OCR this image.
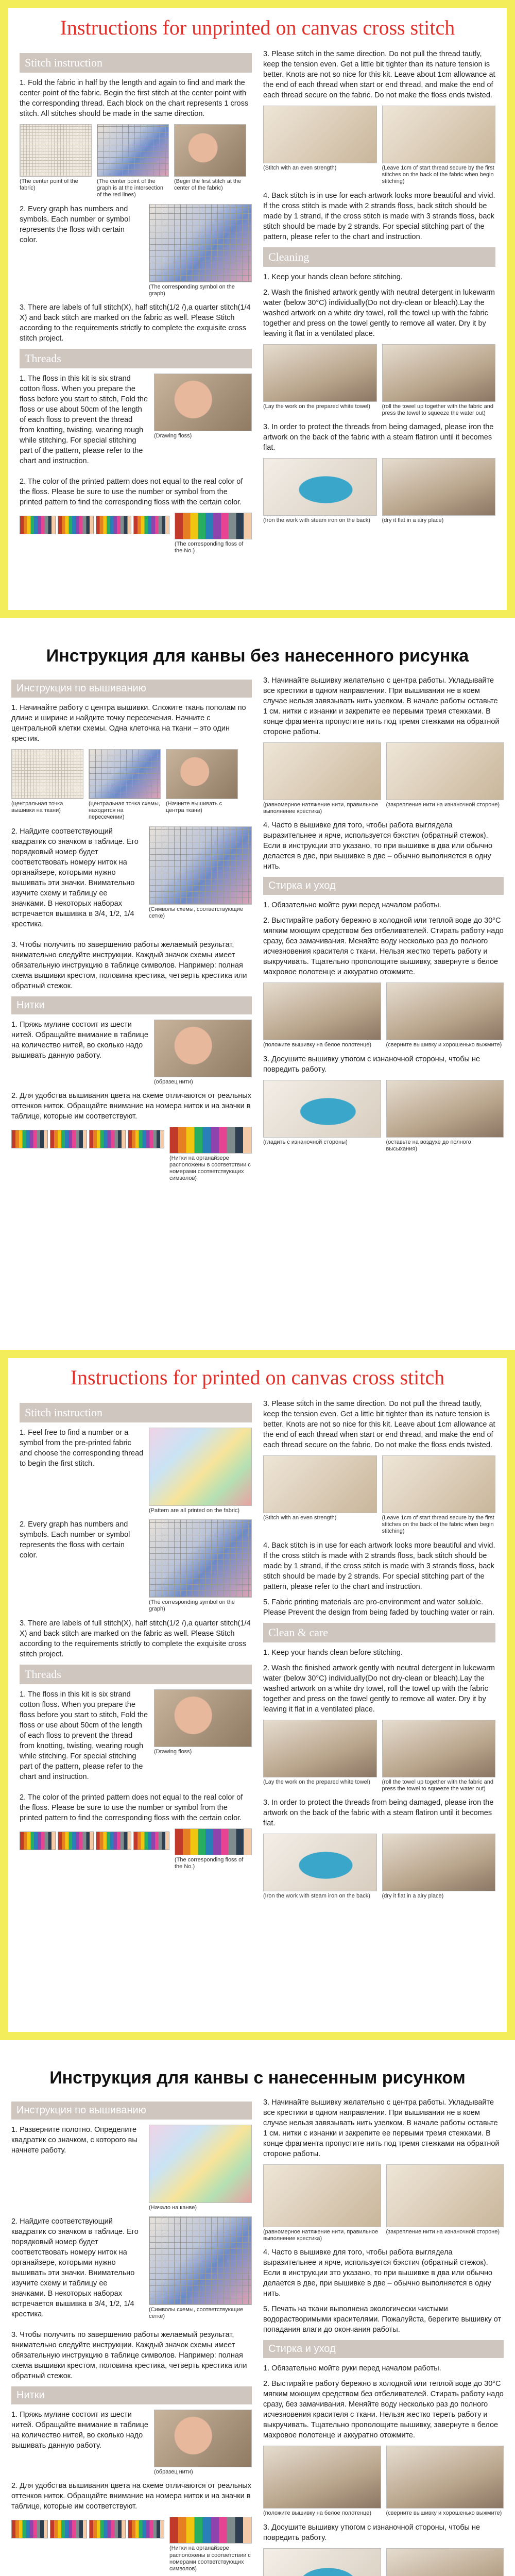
Instructions for unprinted on canvas cross stitch
Stitch instruction

1. Fold the fabric in half by the length and again to find and mark the center point of the fabric. Begin the first stitch at the center point with the corresponding thread. Each block on the chart represents 1 cross stitch. All stitches should be made in the same direction.

(The center point of the fabric)
(The center point of the graph is at the intersection of the red lines)
(Begin the first stitch at the center of the fabric)

2. Every graph has numbers and symbols. Each number or symbol represents the floss with certain color.

(The corresponding symbol on the graph)

3. There are labels of full stitch(X), half stitch(1/2 /),a quarter stitch(1/4 X) and back stitch are marked on the fabric as well. Please Stitch according to the requirements strictly to complete the exquisite cross stitch project.

Threads

1. The floss in this kit is six strand cotton floss. When you prepare the floss before you start to stitch, Fold the floss or use about 50cm of the length of each floss to prevent the thread from knotting, twisting, wearing rough while stitching. For special stitching part of the pattern, please refer to the chart and instruction.

(Drawing floss)

2. The color of the printed pattern does not equal to the real color of the floss. Please be sure to use the number or symbol from the printed pattern to find the corresponding floss with the certain color.

(The corresponding floss of the No.)

3. Please stitch in the same direction. Do not pull the thread tautly, keep the tension even. Get a little bit tighter than its nature tension is better. Knots are not so nice for this kit. Leave about 1cm allowance at the end of each thread when start or end thread, and make the end of each thread secure on the fabric. Do not make the floss ends twisted.

(Stitch with an even strength)	(Leave 1cm of start thread secure by the first stitches on the back of the fabric when begin stitching)

4. Back stitch is in use for each artwork looks more beautiful and vivid. If the cross stitch is made with 2 strands floss, back stitch should be made by 1 strand, if the cross stitch is made with 3 strands floss, back stitch should be made by 2 strands. For special stitching part of the pattern, please refer to the chart and instruction.

Cleaning

1. Keep your hands clean before stitching.

2. Wash the finished artwork gently with neutral detergent in lukewarm water (below 30°C) individually(Do not dry-clean or bleach).Lay the washed artwork on a white dry towel, roll the towel up with the fabric together and press on the towel gently to remove all water. Dry it by leaving it flat in a ventilated place.

(Lay the work on the prepared white towel)	(roll the towel up together with the fabric and press the towel to squeeze the water out)

3. In order to protect the threads from being damaged, please iron the artwork on the back of the fabric with a steam flatiron until it becomes flat.

(Iron the work with steam iron on the back)	(dry it flat in a airy place)
Инструкция для канвы без нанесенного рисунка
Инструкция по вышиванию

1. Начинайте работу с центра вышивки. Сложите ткань пополам по длине и ширине и найдите точку пересечения. Начните с центральной клетки схемы. Одна клеточка на ткани – это один крестик.

(центральная точка вышивки на ткани)
(центральная точка схемы, находится на пересечении)
(Начните вышивать с центра ткани)

2. Найдите соответствующий квадратик со значком в таблице. Его порядковый номер будет соответствовать номеру ниток на органайзере, которыми нужно вышивать эти значки. Внимательно изучите схему и таблицу ее значками. В некоторых наборах встречается вышивка в 3/4, 1/2, 1/4 крестика.

(Символы схемы, соответствующие сетке)

3. Чтобы получить по завершению работы желаемый результат, внимательно следуйте инструкции. Каждый значок схемы имеет обязательную инструкцию в таблице символов. Например: полная схема вышивки крестом, половина крестика, четверть крестика или обратный стежок.

Нитки

1. Пряжь мулине состоит из шести нитей. Обращайте внимание в таблице на количество нитей, во сколько надо вышивать данную работу.

(образец нити)

2. Для удобства вышивания цвета на схеме отличаются от реальных оттенков ниток. Обращайте внимание на номера ниток и на значки в таблице, которые им соответствуют.

(Нитки на органайзере расположены в соответствии с номерами соответствующих символов)

3. Начинайте вышивку желательно с центра работы. Укладывайте все крестики в одном направлении. При вышивании не в коем случае нельзя завязывать нить узелком. В начале работы оставьте 1 см. нитки с изнанки и закрепите ее первыми тремя стежками. В конце фрагмента пропустите нить под тремя стежками на обратной стороне работы.

(равномерное натяжение нити, правильное выполнение крестика)
(закрепление нити на изнаночной стороне)

4. Часто в вышивке для того, чтобы работа выглядела выразительнее и ярче, используется бэкстич (обратный стежок). Если в инструкции это указано, то при вышивке в два или обычно делается в две, при вышивке в две – обычно выполняется в одну нить.

Стирка и уход

1. Обязательно мойте руки перед началом работы.

2. Выстирайте работу бережно в холодной или теплой воде до 30°С мягким моющим средством без отбеливателей. Стирать работу надо сразу, без замачивания. Меняйте воду несколько раз до полного исчезновения красителя с ткани. Нельзя жестко тереть работу и выкручивать. Тщательно прополощите вышивку, завернуте в белое махровое полотенце и аккуратно отожмите.

(положите вышивку на белое полотенце)	(сверните вышивку и хорошенько выжмите)

3. Досушите вышивку утюгом с изнаночной стороны, чтобы не повредить работу.

(гладить с изнаночной стороны)	(оставьте на воздухе до полного высыхания)
Instructions for printed on canvas cross stitch
Stitch instruction

1. Feel free to find a number or a symbol from the pre-printed fabric and choose the corresponding thread to begin the first stitch.

(Pattern are all printed on the fabric)

2. Every graph has numbers and symbols. Each number or symbol represents the floss with certain color.

(The corresponding symbol on the graph)

3. There are labels of full stitch(X), half stitch(1/2 /),a quarter stitch(1/4 X) and back stitch are marked on the fabric as well. Please Stitch according to the requirements strictly to complete the exquisite cross stitch project.

Threads

1. The floss in this kit is six strand cotton floss. When you prepare the floss before you start to stitch, Fold the floss or use about 50cm of the length of each floss to prevent the thread from knotting, twisting, wearing rough while stitching. For special stitching part of the pattern, please refer to the chart and instruction.

(Drawing floss)

2. The color of the printed pattern does not equal to the real color of the floss. Please be sure to use the number or symbol from the printed pattern to find the corresponding floss with the certain color.

(The corresponding floss of the No.)

3. Please stitch in the same direction. Do not pull the thread tautly, keep the tension even. Get a little bit tighter than its nature tension is better. Knots are not so nice for this kit. Leave about 1cm allowance at the end of each thread when start or end thread, and make the end of each thread secure on the fabric. Do not make the floss ends twisted.

(Stitch with an even strength)	(Leave 1cm of start thread secure by the first stitches on the back of the fabric when begin stitching)

4. Back stitch is in use for each artwork looks more beautiful and vivid. If the cross stitch is made with 2 strands floss, back stitch should be made by 1 strand, if the cross stitch is made with 3 strands floss, back stitch should be made by 2 strands. For special stitching part of the pattern, please refer to the chart and instruction.

5. Fabric printing materials are pro-environment and water soluble. Please Prevent the design from being faded by touching water or rain.

Clean & care

1. Keep your hands clean before stitching.

2. Wash the finished artwork gently with neutral detergent in lukewarm water (below 30°C) individually(Do not dry-clean or bleach).Lay the washed artwork on a white dry towel, roll the towel up with the fabric together and press on the towel gently to remove all water. Dry it by leaving it flat in a ventilated place.

(Lay the work on the prepared white towel)	(roll the towel up together with the fabric and press the towel to squeeze the water out)

3. In order to protect the threads from being damaged, please iron the artwork on the back of the fabric with a steam flatiron until it becomes flat.

(Iron the work with steam iron on the back)	(dry it flat in a airy place)
Инструкция для канвы с нанесенным рисунком
Инструкция по вышиванию

1. Разверните полотно. Определите квадратик со значком, с которого вы начнете работу.

(Начало на канве)

2. Найдите соответствующий квадратик со значком в таблице. Его порядковый номер будет соответствовать номеру ниток на органайзере, которыми нужно вышивать эти значки. Внимательно изучите схему и таблицу ее значками. В некоторых наборах встречается вышивка в 3/4, 1/2, 1/4 крестика.

(Символы схемы, соответствующие сетке)

3. Чтобы получить по завершению работы желаемый результат, внимательно следуйте инструкции. Каждый значок схемы имеет обязательную инструкцию в таблице символов. Например: полная схема вышивки крестом, половина крестика, четверть крестика или обратный стежок.

Нитки

1. Пряжь мулине состоит из шести нитей. Обращайте внимание в таблице на количество нитей, во сколько надо вышивать данную работу.

(образец нити)

2. Для удобства вышивания цвета на схеме отличаются от реальных оттенков ниток. Обращайте внимание на номера ниток и на значки в таблице, которые им соответствуют.

(Нитки на органайзере расположены в соответствии с номерами соответствующих символов)

3. Начинайте вышивку желательно с центра работы. Укладывайте все крестики в одном направлении. При вышивании не в коем случае нельзя завязывать нить узелком. В начале работы оставьте 1 см. нитки с изнанки и закрепите ее первыми тремя стежками. В конце фрагмента пропустите нить под тремя стежками на обратной стороне работы.

(равномерное натяжение нити, правильное выполнение крестика)
(закрепление нити на изнаночной стороне)

4. Часто в вышивке для того, чтобы работа выглядела выразительнее и ярче, используется бэкстич (обратный стежок). Если в инструкции это указано, то при вышивке в два или обычно делается в две, при вышивке в две – обычно выполняется в одну нить.

5. Печать на ткани выполнена экологически чистыми водорастворимыми красителями. Пожалуйста, берегите вышивку от попадания влаги до окончания работы.

Стирка и уход

1. Обязательно мойте руки перед началом работы.

2. Выстирайте работу бережно в холодной или теплой воде до 30°С мягким моющим средством без отбеливателей. Стирать работу надо сразу, без замачивания. Меняйте воду несколько раз до полного исчезновения красителя с ткани. Нельзя жестко тереть работу и выкручивать. Тщательно прополощите вышивку, завернуте в белое махровое полотенце и аккуратно отожмите.

(положите вышивку на белое полотенце)	(сверните вышивку и хорошенько выжмите)

3. Досушите вышивку утюгом с изнаночной стороны, чтобы не повредить работу.
